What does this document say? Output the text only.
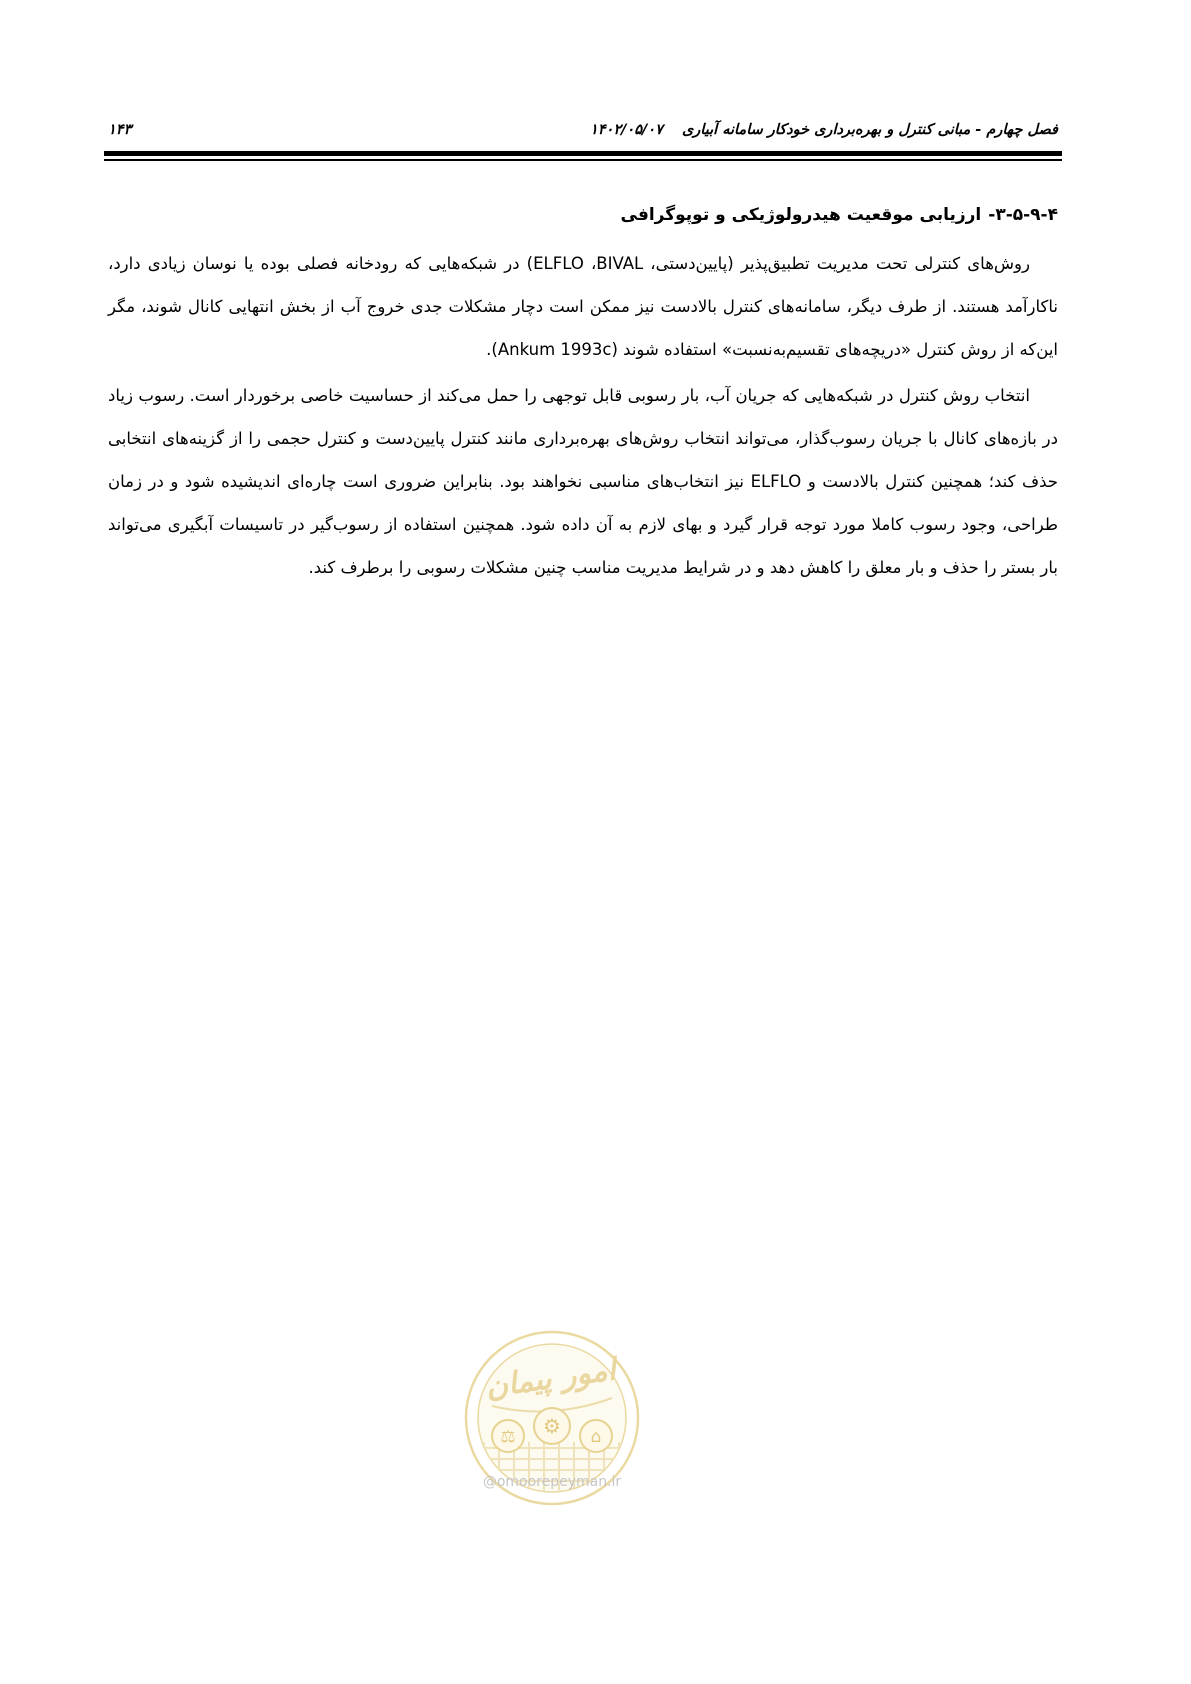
فصل چهارم - مبانی کنترل و بهره‌برداری خودکار سامانه آبیاری ۱۴۰۲/۰۵/۰۷
۱۴۳
۴-۹-۵-۳-ارزیابی موقعیت هیدرولوژیکی و توپوگرافی

روش‌های کنترلی تحت مدیریت تطبیق‌پذیر (پایین‌دستی، BIVAL‏، ELFLO) در شبکه‌هایی که رودخانه فصلی بوده یا نوسان زیادی دارد، ناکارآمد هستند. از طرف دیگر، سامانه‌های کنترل بالادست نیز ممکن است دچار مشکلات جدی خروج آب از بخش انتهایی کانال شوند، مگر این‌که از روش کنترل «دریچه‌های تقسیم‌به‌نسبت» استفاده شوند (Ankum 1993c).

انتخاب روش کنترل در شبکه‌هایی که جریان آب، بار رسوبی قابل توجهی را حمل می‌کند از حساسیت خاصی برخوردار است. رسوب زیاد در بازه‌های کانال با جریان رسوب‌گذار، می‌تواند انتخاب روش‌های بهره‌برداری مانند کنترل پایین‌دست و کنترل حجمی را از گزینه‌های انتخابی حذف کند؛ همچنین کنترل بالادست و ELFLO نیز انتخاب‌های مناسبی نخواهند بود. بنابراین ضروری است چاره‌ای اندیشیده شود و در زمان طراحی، وجود رسوب کاملا مورد توجه قرار گیرد و بهای لازم به آن داده شود. همچنین استفاده از رسوب‌گیر در تاسیسات آبگیری می‌تواند بار بستر را حذف و بار معلق را کاهش دهد و در شرایط مدیریت مناسب چنین مشکلات رسوبی را برطرف کند.

امور پیمان
⚖ ⚙ ⌂
@omoorepeyman.ir
